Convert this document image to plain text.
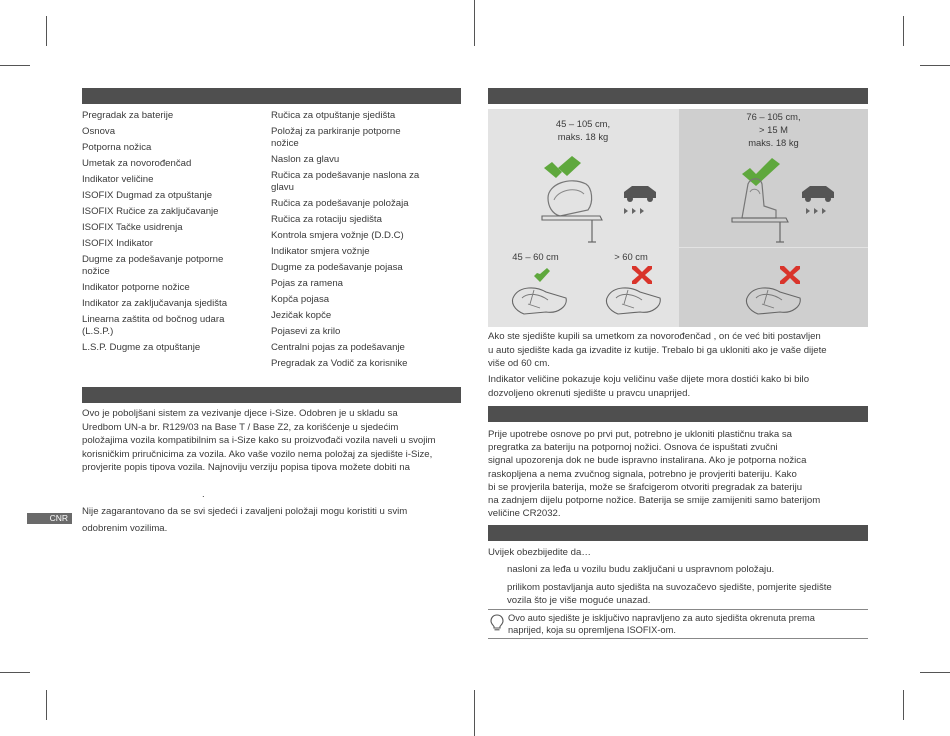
Pregradak za baterije
Osnova
Potporna nožica
Umetak za novorođenčad
Indikator veličine
ISOFIX Dugmad za otpuštanje
ISOFIX Ručice za zaključavanje
ISOFIX Tačke usidrenja
ISOFIX Indikator
Dugme za podešavanje potporne nožice
Indikator potporne nožice
Indikator za zaključavanja sjedišta
Linearna zaštita od bočnog udara (L.S.P.)
L.S.P. Dugme za otpuštanje
Ručica za otpuštanje sjedišta
Položaj za parkiranje potporne nožice
Naslon za glavu
Ručica za podešavanje naslona za glavu
Ručica za podešavanje položaja
Ručica za rotaciju sjedišta
Kontrola smjera vožnje (D.D.C)
Indikator smjera vožnje
Dugme za podešavanje pojasa
Pojas za ramena
Kopča pojasa
Jezičak kopče
Pojasevi za krilo
Centralni pojas za podešavanje
Pregradak za Vodič za korisnike
Ovo je poboljšani sistem za vezivanje djece i-Size. Odobren je u skladu sa
Uredbom UN-a br. R129/03 na Base T / Base Z2, za korišćenje u sjedećim
položajima vozila kompatibilnim sa i-Size kako su proizvođači vozila naveli u svojim
korisničkim priručnicima za vozila. Ako vaše vozilo nema položaj za sjedište i-Size,
provjerite popis tipova vozila. Najnoviju verziju popisa tipova možete dobiti na
.
Nije zagarantovano da se svi sjedeći i zavaljeni položaji mogu koristiti u svim
odobrenim vozilima.
CNR
45 – 105 cm,
maks. 18 kg
76 – 105 cm,
> 15 M
maks. 18 kg
45 – 60 cm	> 60 cm
Ako ste sjedište kupili sa umetkom za novorođenčad , on će već biti postavljen
u auto sjedište kada ga izvadite iz kutije. Trebalo bi ga ukloniti ako je vaše dijete
više od 60 cm.
Indikator veličine pokazuje koju veličinu vaše dijete mora dostići kako bi bilo
dozvoljeno okrenuti sjedište u pravcu unaprijed.
Prije upotrebe osnove po prvi put, potrebno je ukloniti plastičnu traka sa
pregratka za bateriju na potpornoj nožici. Osnova će ispuštati zvučni
signal upozorenja dok ne bude ispravno instalirana. Ako je potporna nožica
raskopljena a nema zvučnog signala, potrebno je provjeriti bateriju. Kako
bi se provjerila baterija, može se šrafcigerom otvoriti pregradak za bateriju
na zadnjem dijelu potporne nožice. Baterija se smije zamijeniti samo baterijom
veličine CR2032.
Uvijek obezbijedite da…
nasloni za leđa u vozilu budu zaključani u uspravnom položaju.
prilikom postavljanja auto sjedišta na suvozačevo sjedište, pomjerite sjedište
vozila što je više moguće unazad.
Ovo auto sjedište je isključivo napravljeno za auto sjedišta okrenuta prema
naprijed, koja su opremljena ISOFIX-om.
